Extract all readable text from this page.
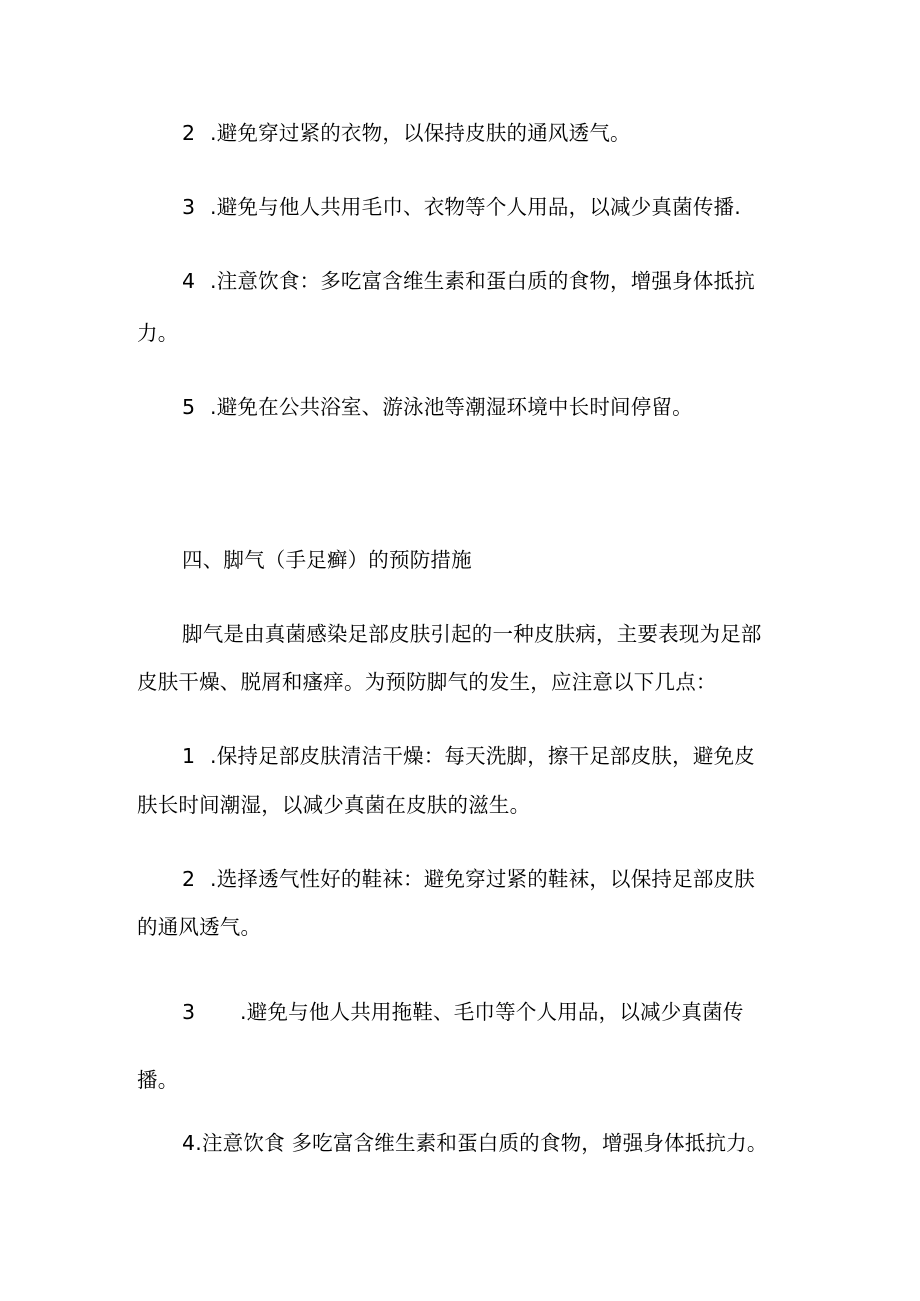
2 .避免穿过紧的衣物，以保持皮肤的通风透气。
3 .避免与他人共用毛巾、衣物等个人用品，以减少真菌传播.
4 .注意饮食：多吃富含维生素和蛋白质的食物，增强身体抵抗
力。
5 .避免在公共浴室、游泳池等潮湿环境中长时间停留。
四、脚气（手足癣）的预防措施
脚气是由真菌感染足部皮肤引起的一种皮肤病，主要表现为足部
皮肤干燥、脱屑和瘙痒。为预防脚气的发生，应注意以下几点：
1 .保持足部皮肤清洁干燥：每天洗脚，擦干足部皮肤，避免皮
肤长时间潮湿，以减少真菌在皮肤的滋生。
2 .选择透气性好的鞋袜：避免穿过紧的鞋袜，以保持足部皮肤
的通风透气。
3 .避免与他人共用拖鞋、毛巾等个人用品，以减少真菌传
播。
4.注意饮食 多吃富含维生素和蛋白质的食物，增强身体抵抗力。
